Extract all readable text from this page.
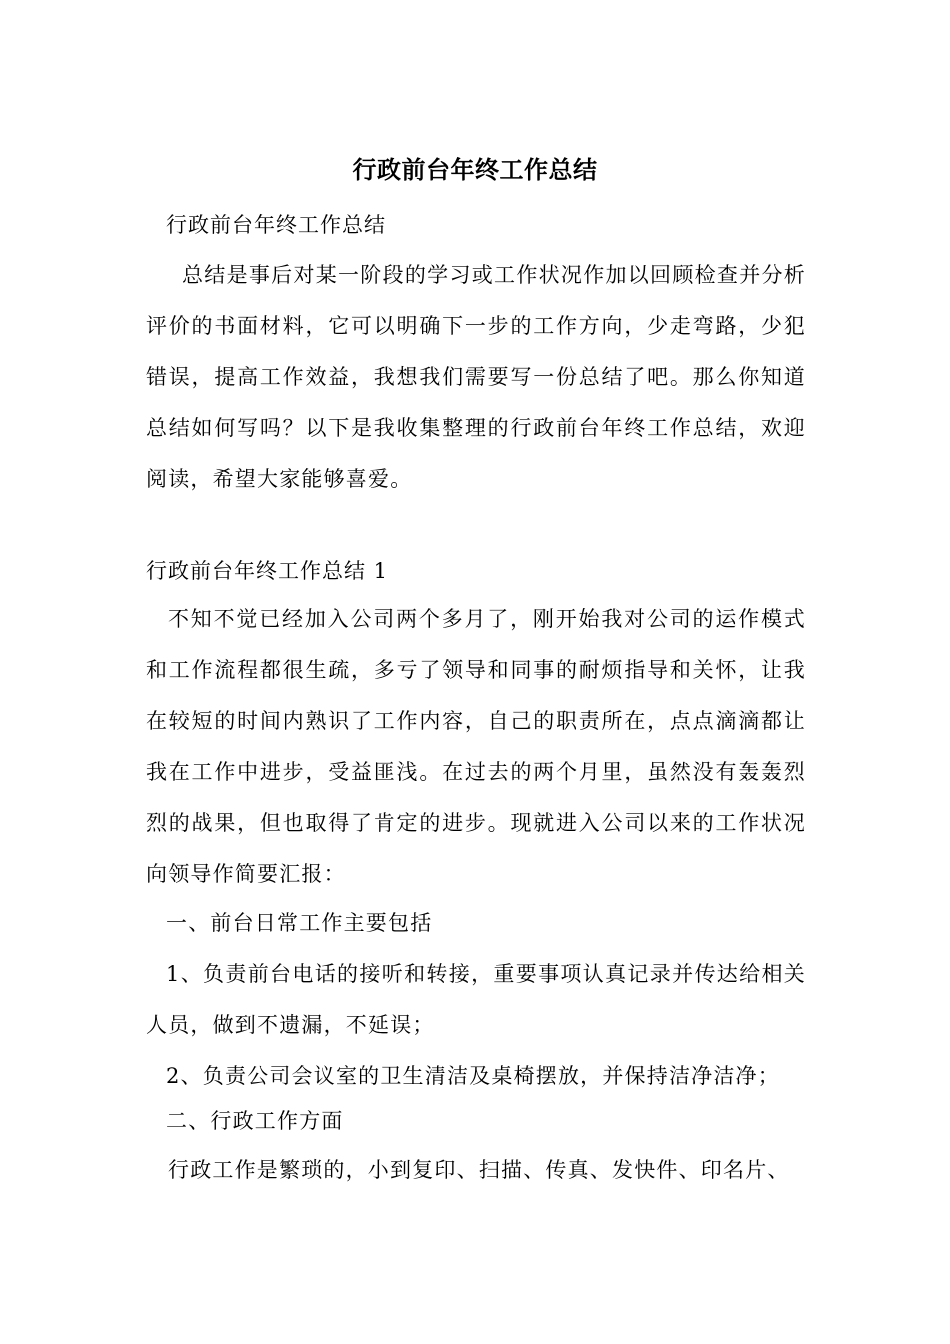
行政前台年终工作总结
行政前台年终工作总结
总结是事后对某一阶段的学习或工作状况作加以回顾检查并分析评价的书面材料，它可以明确下一步的工作方向，少走弯路，少犯错误，提高工作效益，我想我们需要写一份总结了吧。那么你知道总结如何写吗？以下是我收集整理的行政前台年终工作总结，欢迎阅读，希望大家能够喜爱。
行政前台年终工作总结 1
不知不觉已经加入公司两个多月了，刚开始我对公司的运作模式和工作流程都很生疏，多亏了领导和同事的耐烦指导和关怀，让我在较短的时间内熟识了工作内容，自己的职责所在，点点滴滴都让我在工作中进步，受益匪浅。在过去的两个月里，虽然没有轰轰烈烈的战果，但也取得了肯定的进步。现就进入公司以来的工作状况向领导作简要汇报：
一、前台日常工作主要包括
1、负责前台电话的接听和转接，重要事项认真记录并传达给相关人员，做到不遗漏，不延误；
2、负责公司会议室的卫生清洁及桌椅摆放，并保持洁净洁净；
二、行政工作方面
行政工作是繁琐的，小到复印、扫描、传真、发快件、印名片、
